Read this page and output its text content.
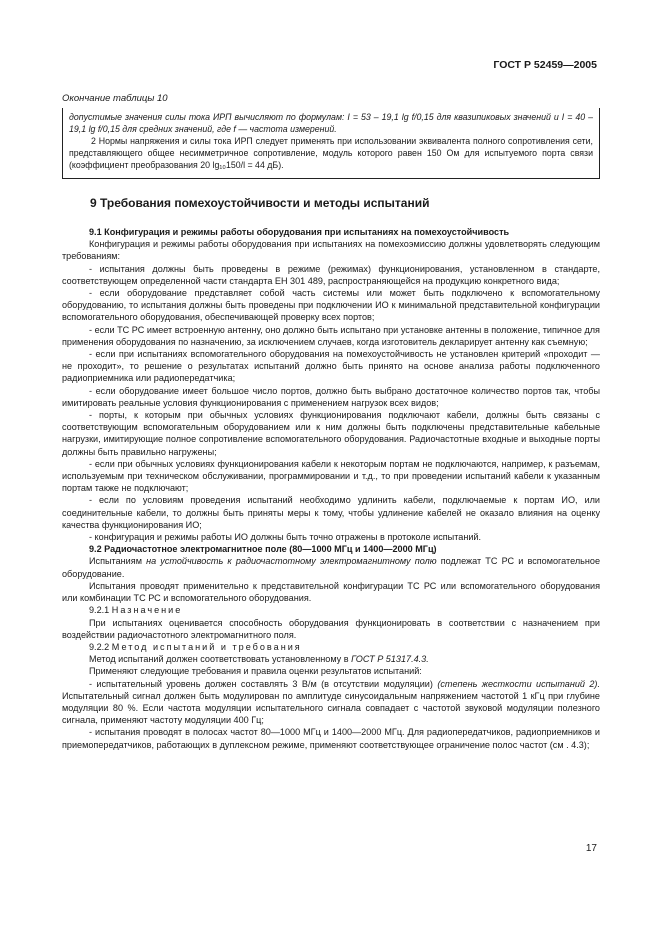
ГОСТ Р 52459—2005
Окончание таблицы 10

допустимые значения силы тока ИРП вычисляют по формулам: I = 53 – 19,1 lg f/0,15 для квазипиковых значений и I = 40 – 19,1 lg f/0,15 для средних значений, где f — частота измерений.

2 Нормы напряжения и силы тока ИРП следует применять при использовании эквивалента полного сопротивления сети, представляющего общее несимметричное сопротивление, модуль которого равен 150 Ом для испытуемого порта связи (коэффициент преобразования 20 lg₁₀150/l = 44 дБ).

9 Требования помехоустойчивости и методы испытаний

9.1 Конфигурация и режимы работы оборудования при испытаниях на помехоустойчивость

Конфигурация и режимы работы оборудования при испытаниях на помехоэмиссию должны удовлетворять следующим требованиям:

- испытания должны быть проведены в режиме (режимах) функционирования, установленном в стандарте, соответствующем определенной части стандарта ЕН 301 489, распространяющейся на продукцию конкретного вида;

- если оборудование представляет собой часть системы или может быть подключено к вспомогательному оборудованию, то испытания должны быть проведены при подключении ИО к минимальной представительной конфигурации вспомогательного оборудования, обеспечивающей проверку всех портов;

- если ТС РС имеет встроенную антенну, оно должно быть испытано при установке антенны в положение, типичное для применения оборудования по назначению, за исключением случаев, когда изготовитель декларирует антенну как съемную;

- если при испытаниях вспомогательного оборудования на помехоустойчивость не установлен критерий «проходит — не проходит», то решение о результатах испытаний должно быть принято на основе анализа работы подключенного радиоприемника или радиопередатчика;

- если оборудование имеет большое число портов, должно быть выбрано достаточное количество портов так, чтобы имитировать реальные условия функционирования с применением нагрузок всех видов;

- порты, к которым при обычных условиях функционирования подключают кабели, должны быть связаны с соответствующим вспомогательным оборудованием или к ним должны быть подключены представительные кабельные нагрузки, имитирующие полное сопротивление вспомогательного оборудования. Радиочастотные входные и выходные порты должны быть правильно нагружены;

- если при обычных условиях функционирования кабели к некоторым портам не подключаются, например, к разъемам, используемым при техническом обслуживании, программировании и т.д., то при проведении испытаний кабели к указанным портам также не подключают;

- если по условиям проведения испытаний необходимо удлинить кабели, подключаемые к портам ИО, или соединительные кабели, то должны быть приняты меры к тому, чтобы удлинение кабелей не оказало влияния на оценку качества функционирования ИО;

- конфигурация и режимы работы ИО должны быть точно отражены в протоколе испытаний.

9.2 Радиочастотное электромагнитное поле (80—1000 МГц и 1400—2000 МГц)

Испытаниям на устойчивость к радиочастотному электромагнитному полю подлежат ТС РС и вспомогательное оборудование.

Испытания проводят применительно к представительной конфигурации ТС РС или вспомогательного оборудования или комбинации ТС РС и вспомогательного оборудования.

9.2.1 Назначение

При испытаниях оценивается способность оборудования функционировать в соответствии с назначением при воздействии радиочастотного электромагнитного поля.

9.2.2 Метод испытаний и требования

Метод испытаний должен соответствовать установленному в ГОСТ Р 51317.4.3.

Применяют следующие требования и правила оценки результатов испытаний:

- испытательный уровень должен составлять 3 В/м (в отсутствии модуляции) (степень жесткости испытаний 2). Испытательный сигнал должен быть модулирован по амплитуде синусоидальным напряжением частотой 1 кГц при глубине модуляции 80 %. Если частота модуляции испытательного сигнала совпадает с частотой звуковой модуляции полезного сигнала, применяют частоту модуляции 400 Гц;

- испытания проводят в полосах частот 80—1000 МГц и 1400—2000 МГц. Для радиопередатчиков, радиоприемников и приемопередатчиков, работающих в дуплексном режиме, применяют соответствующее ограничение полос частот (см . 4.3);

17
